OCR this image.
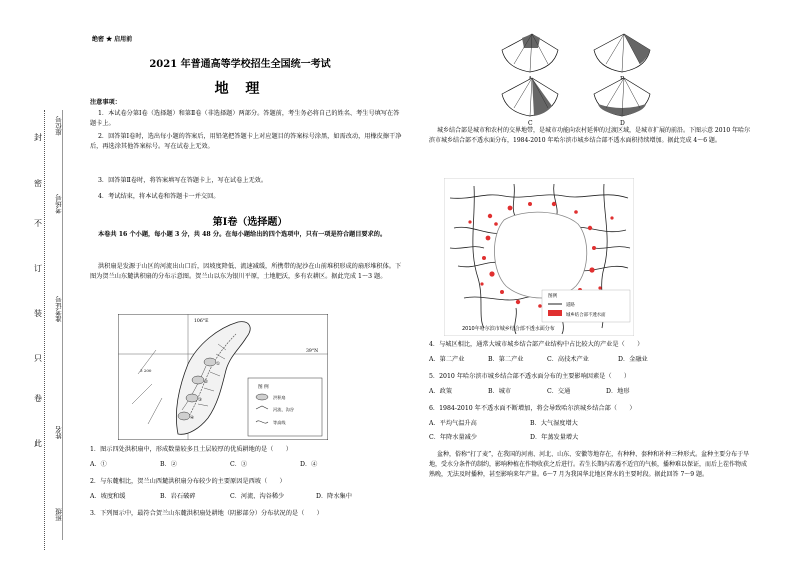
封
密
不
订
装
只
卷
此
座位号
考场号
准考证号
姓名
班级
绝密 ★ 启用前
2021 年普通高等学校招生全国统一考试
地 理
注意事项：
1．本试卷分第Ⅰ卷（选择题）和第Ⅱ卷（非选择题）两部分。答题前，考生务必将自己的姓名、考生号填写在答题卡上。
2．回答第Ⅰ卷时，选出每小题的答案后，用铅笔把答题卡上对应题目的答案标号涂黑，如需改动，用橡皮擦干净后，再选涂其他答案标号。写在试卷上无效。
3．回答第Ⅱ卷时，将答案填写在答题卡上，写在试卷上无效。
4．考试结束，将本试卷和答题卡一并交回。
第Ⅰ卷（选择题）
本卷共 16 个小题，每小题 3 分，共 48 分。在每小题给出的四个选项中，只有一项是符合题目要求的。
洪积扇是发源于山区的河流出山口后，因坡度降低、流速减缓，所携带的泥沙在山前堆积形成的扇形堆积体。下图为贺兰山东麓洪积扇的分布示意图。贺兰山以东为银川平原，土地肥沃，多有农耕区。据此完成 1～3 题。
106°E
39°N
图 例
洪积扇
河流、沟谷
等高线
①
②
③
④
3 200
1．图示四处洪积扇中，形成数量较多且土层较厚的优质耕地的是（　　）
A．①	B．②	C．③	D．④
2．与东麓相比，贺兰山西麓洪积扇分布较少的主要原因是西坡（　　）
A．坡度和缓	B．岩石破碎	C．河流、沟谷稀少	D．降水集中
3．下列图示中，最符合贺兰山东麓洪积扇处耕地（阴影部分）分布状况的是（　　）
C	D
城乡结合部是城市和农村的交界地带，是城市功能向农村延伸的过渡区域，是城市扩展的前沿。下图示意 2010 年哈尔滨市城乡结合部不透水面分布，1984-2010 年哈尔滨市城乡结合部不透水面积持续增加。据此完成 4～6 题。
图例
道路
城乡结合部不透水面
2010年哈尔滨市城乡结合部不透水面分布
4．与城区相比，通常大城市城乡结合部产业结构中占比较大的产业是（　　）
A．第二产业	B．第二产业	C．高技术产业	D．金融业
5．2010 年哈尔滨市城乡结合部不透水面分布的主要影响因素是（　　）
A．政策	B．城市	C．交通	D．地形
6．1984-2010 年不透水面不断增加，将会导致哈尔滨城乡结合部（　　）
A．平均气温升高	B．大气湿度增大
C．年降水量减少	D．年蒸发量增大
盆种，俗称“打了麦”，在我国的河南、河北、山东、安徽等地存在，有种种、套种和补种三种形式。盆种主要分布于旱地，受水分条件的制约，影响种植在作物收获之后进行。若生长期内若遇不适宜的气候，播种难以保证，而后上茬作物成熟晚，无法及时播种，甚至影响来年产量。6～7 月为我国华北地区降水的主要时段。据此回答 7～9 题。
